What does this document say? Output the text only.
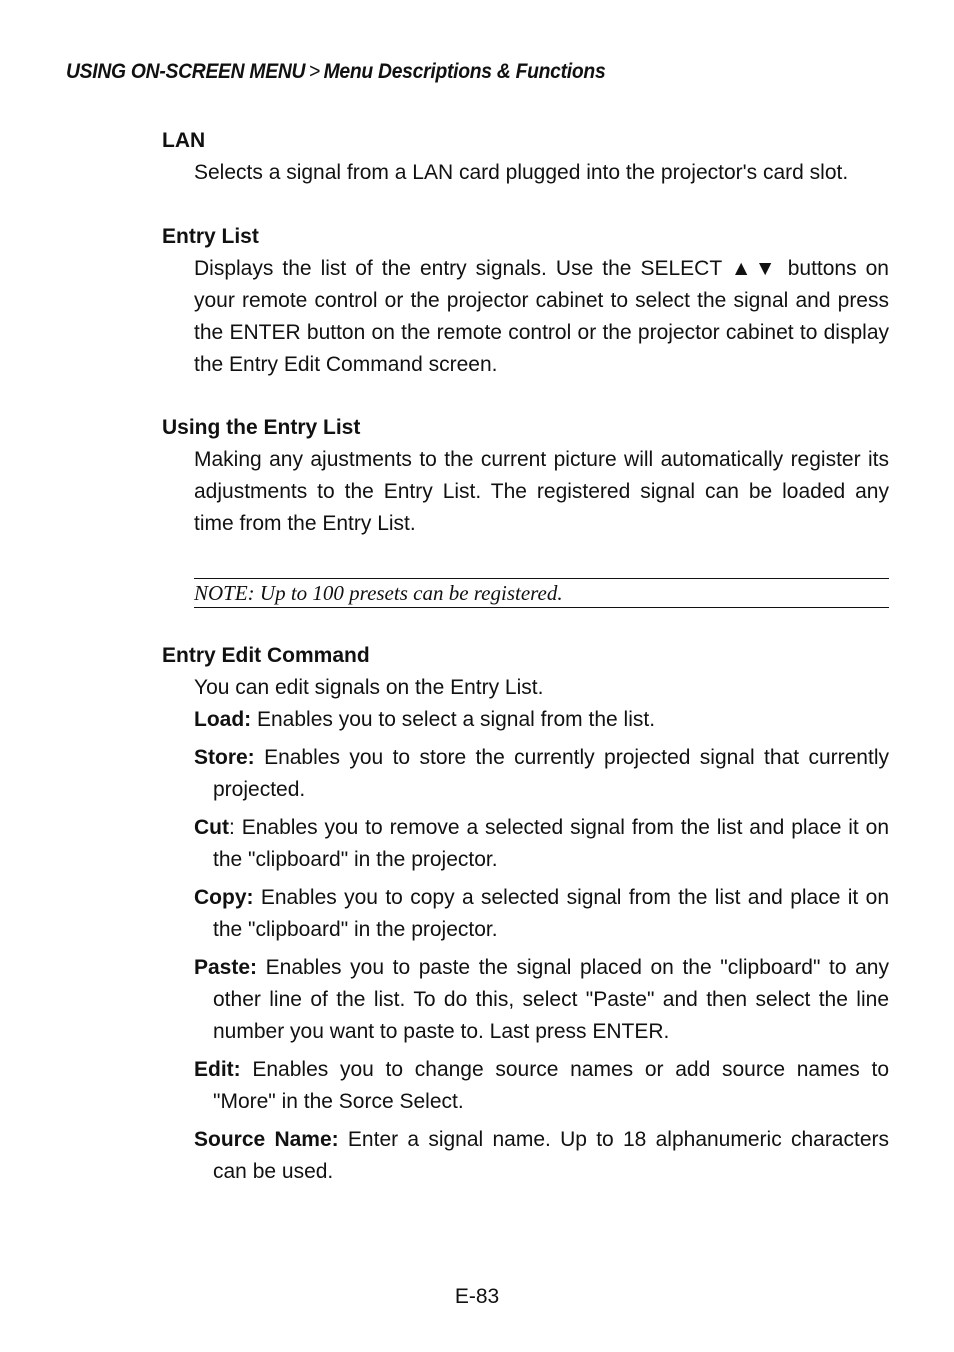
USING ON-SCREEN MENU > Menu Descriptions & Functions
LAN

Selects a signal from a LAN card plugged into the projector's card slot.

Entry List

Displays the list of the entry signals. Use the SELECT ▲▼ buttons on your remote control or the projector cabinet to select the signal and press the ENTER button on the remote control or the projector cabinet to display the Entry Edit Command screen.

Using the Entry List

Making any ajustments to the current picture will automatically register its adjustments to the Entry List. The registered signal can be loaded any time from the Entry List.

NOTE: Up to 100 presets can be registered.
Entry Edit Command

You can edit signals on the Entry List.

Load: Enables you to select a signal from the list.

Store: Enables you to store the currently projected signal that currently projected.

Cut: Enables you to remove a selected signal from the list and place it on the "clipboard" in the projector.

Copy: Enables you to copy a selected signal from the list and place it on the "clipboard" in the projector.

Paste: Enables you to paste the signal placed on the "clipboard" to any other line of the list. To do this, select "Paste" and then select the line number you want to paste to. Last press ENTER.

Edit: Enables you to change source names or add source names to "More" in the Sorce Select.

Source Name: Enter a signal name. Up to 18 alphanumeric characters can be used.

E-83
